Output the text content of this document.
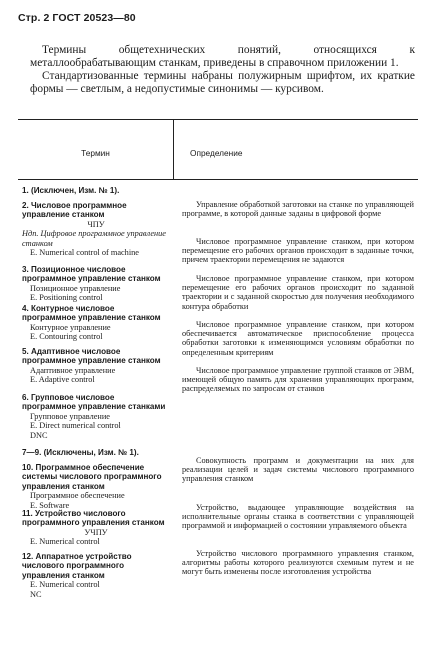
Стр. 2 ГОСТ 20523—80

Термины общетехнических понятий, относящихся к металлообрабатывающим станкам, приведены в справочном приложении 1.

Стандартизованные термины набраны полужирным шрифтом, их краткие формы — светлым, а недопустимые синонимы — курсивом.

Термин	Определение
1. (Исключен, Изм. № 1).
2. Числовое программное управление станком
ЧПУ
Ндп. Цифровое программное управление станком
E. Numerical control of machine
3. Позиционное числовое программное управление станком
Позиционное управление
E. Positioning control
4. Контурное числовое программное управление станком
Контурное управление
E. Contouring control
5. Адаптивное числовое программное управление станком
Адаптивное управление
E. Adaptive control
6. Групповое числовое программное управление станками
Групповое управление
E. Direct numerical control
DNC
7—9. (Исключены, Изм. № 1).
10. Программное обеспечение системы числового программного управления станком
Программное обеспечение
E. Software
11. Устройство числового программного управления станком
УЧПУ
E. Numerical control
12. Аппаратное устройство числового программного управления станком
E. Numerical control
NC

Управление обработкой заготовки на станке по управляющей программе, в которой данные заданы в цифровой форме

Числовое программное управление станком, при котором перемещение его рабочих органов происходит в заданные точки, причем траектории перемещения не задаются

Числовое программное управление станком, при котором перемещение его рабочих органов происходит по заданной траектории и с заданной скоростью для получения необходимого контура обработки

Числовое программное управление станком, при котором обеспечивается автоматическое приспособление процесса обработки заготовки к изменяющимся условиям обработки по определенным критериям

Числовое программное управление группой станков от ЭВМ, имеющей общую память для хранения управляющих программ, распределяемых по запросам от станков

Совокупность программ и документации на них для реализации целей и задач системы числового программного управления станком

Устройство, выдающее управляющие воздействия на исполнительные органы станка в соответствии с управляющей программой и информацией о состоянии управляемого объекта

Устройство числового программного управления станком, алгоритмы работы которого реализуются схемным путем и не могут быть изменены после изготовления устройства
